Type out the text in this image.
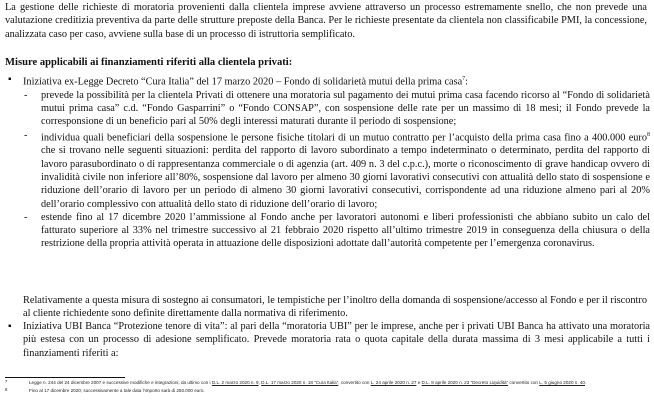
La gestione delle richieste di moratoria provenienti dalla clientela imprese avviene attraverso un processo estremamente snello, che non prevede una valutazione creditizia preventiva da parte delle strutture preposte della Banca. Per le richieste presentate da clientela non classificabile PMI, la concessione, analizzata caso per caso, avviene sulla base di un processo di istruttoria semplificato.

Misure applicabili ai finanziamenti riferiti alla clientela privati:

▪ Iniziativa ex-Legge Decreto “Cura Italia” del 17 marzo 2020 – Fondo di solidarietà mutui della prima casa$^7$:

- prevede la possibilità per la clientela Privati di ottenere una moratoria sul pagamento dei mutui prima casa facendo ricorso al “Fondo di solidarietà mutui prima casa” c.d. “Fondo Gasparrini” o “Fondo CONSAP”, con sospensione delle rate per un massimo di 18 mesi; il Fondo prevede la corresponsione di un beneficio pari al 50% degli interessi maturati durante il periodo di sospensione;

- individua quali beneficiari della sospensione le persone fisiche titolari di un mutuo contratto per l’acquisto della prima casa fino a 400.000 euro$^8$ che si trovano nelle seguenti situazioni: perdita del rapporto di lavoro subordinato a tempo indeterminato o determinato, perdita del rapporto di lavoro parasubordinato o di rappresentanza commerciale o di agenzia (art. 409 n. 3 del c.p.c.), morte o riconoscimento di grave handicap ovvero di invalidità civile non inferiore all’80%, sospensione dal lavoro per almeno 30 giorni lavorativi consecutivi con attualità dello stato di sospensione e riduzione dell’orario di lavoro per un periodo di almeno 30 giorni lavorativi consecutivi, corrispondente ad una riduzione almeno pari al 20% dell’orario complessivo con attualità dello stato di riduzione dell’orario di lavoro;

- estende fino al 17 dicembre 2020 l’ammissione al Fondo anche per lavoratori autonomi e liberi professionisti che abbiano subito un calo del fatturato superiore al 33% nel trimestre successivo al 21 febbraio 2020 rispetto all’ultimo trimestre 2019 in conseguenza della chiusura o della restrizione della propria attività operata in attuazione delle disposizioni adottate dall’autorità competente per l’emergenza coronavirus.

Relativamente a questa misura di sostegno ai consumatori, le tempistiche per l’inoltro della domanda di sospensione/accesso al Fondo e per il riscontro al cliente richiedente sono definite direttamente dalla normativa di riferimento.

▪ Iniziativa UBI Banca “Protezione tenore di vita”: al pari della “moratoria UBI” per le imprese, anche per i privati UBI Banca ha attivato una moratoria più estesa con un processo di adesione semplificato. Prevede moratoria rata o quota capitale della durata massima di 3 mesi applicabile a tutti i finanziamenti riferiti a:

7	Legge n. 244 del 24 dicembre 2007 e successive modifiche e integrazioni, da ultimo con i D.L. 2 marzo 2020 n. 9, D.L. 17 marzo 2020 n. 18 “Cura Italia”, convertito con L. 24 aprile 2020 n. 27 e D.L. 8 aprile 2020 n. 23 “Decreto Liquidità” convertito con L. 5 giugno 2020 n. 40.
8	Fino al 17 dicembre 2020; successivamente a tale data l’importo sarà di 250.000 euro.
